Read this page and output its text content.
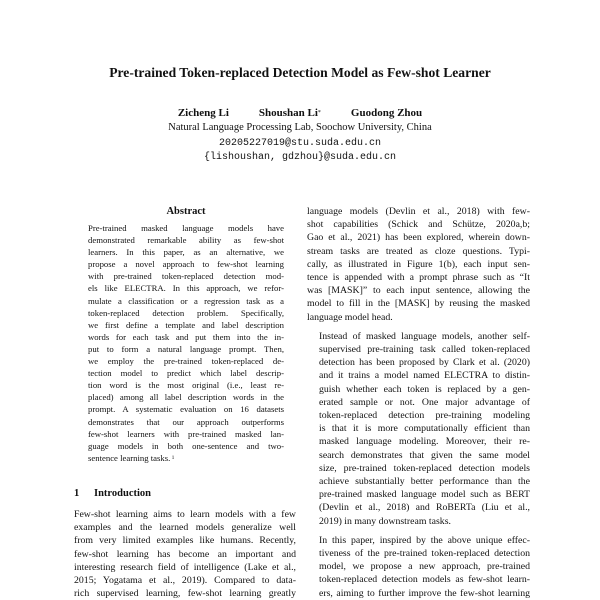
Pre-trained Token-replaced Detection Model as Few-shot Learner
Zicheng Li	Shoushan Li*	Guodong Zhou
Natural Language Processing Lab, Soochow University, China
20205227019@stu.suda.edu.cn
{lishoushan, gdzhou}@suda.edu.cn
Abstract
Pre-trained masked language models have
demonstrated remarkable ability as few-shot
learners. In this paper, as an alternative, we
propose a novel approach to few-shot learning
with pre-trained token-replaced detection mod-
els like ELECTRA. In this approach, we refor-
mulate a classification or a regression task as a
token-replaced detection problem. Specifically,
we first define a template and label description
words for each task and put them into the in-
put to form a natural language prompt. Then,
we employ the pre-trained token-replaced de-
tection model to predict which label descrip-
tion word is the most original (i.e., least re-
placed) among all label description words in the
prompt. A systematic evaluation on 16 datasets
demonstrates that our approach outperforms
few-shot learners with pre-trained masked lan-
guage models in both one-sentence and two-
sentence learning tasks. $^1$
1 Introduction
Few-shot learning aims to learn models with a few
examples and the learned models generalize well
from very limited examples like humans. Recently,
few-shot learning has become an important and
interesting research field of intelligence (Lake et al.,
2015; Yogatama et al., 2019). Compared to data-
rich supervised learning, few-shot learning greatly
language models (Devlin et al., 2018) with few-
shot capabilities (Schick and Schütze, 2020a,b;
Gao et al., 2021) has been explored, wherein down-
stream tasks are treated as cloze questions. Typi-
cally, as illustrated in Figure 1(b), each input sen-
tence is appended with a prompt phrase such as “It
was [MASK]” to each input sentence, allowing the
model to fill in the [MASK] by reusing the masked
language model head.
Instead of masked language models, another self-
supervised pre-training task called token-replaced
detection has been proposed by Clark et al. (2020)
and it trains a model named ELECTRA to distin-
guish whether each token is replaced by a gen-
erated sample or not. One major advantage of
token-replaced detection pre-training modeling
is that it is more computationally efficient than
masked language modeling. Moreover, their re-
search demonstrates that given the same model
size, pre-trained token-replaced detection models
achieve substantially better performance than the
pre-trained masked language model such as BERT
(Devlin et al., 2018) and RoBERTa (Liu et al.,
2019) in many downstream tasks.
In this paper, inspired by the above unique effec-
tiveness of the pre-trained token-replaced detection
model, we propose a new approach, pre-trained
token-replaced detection models as few-shot learn-
ers, aiming to further improve the few-shot learning
